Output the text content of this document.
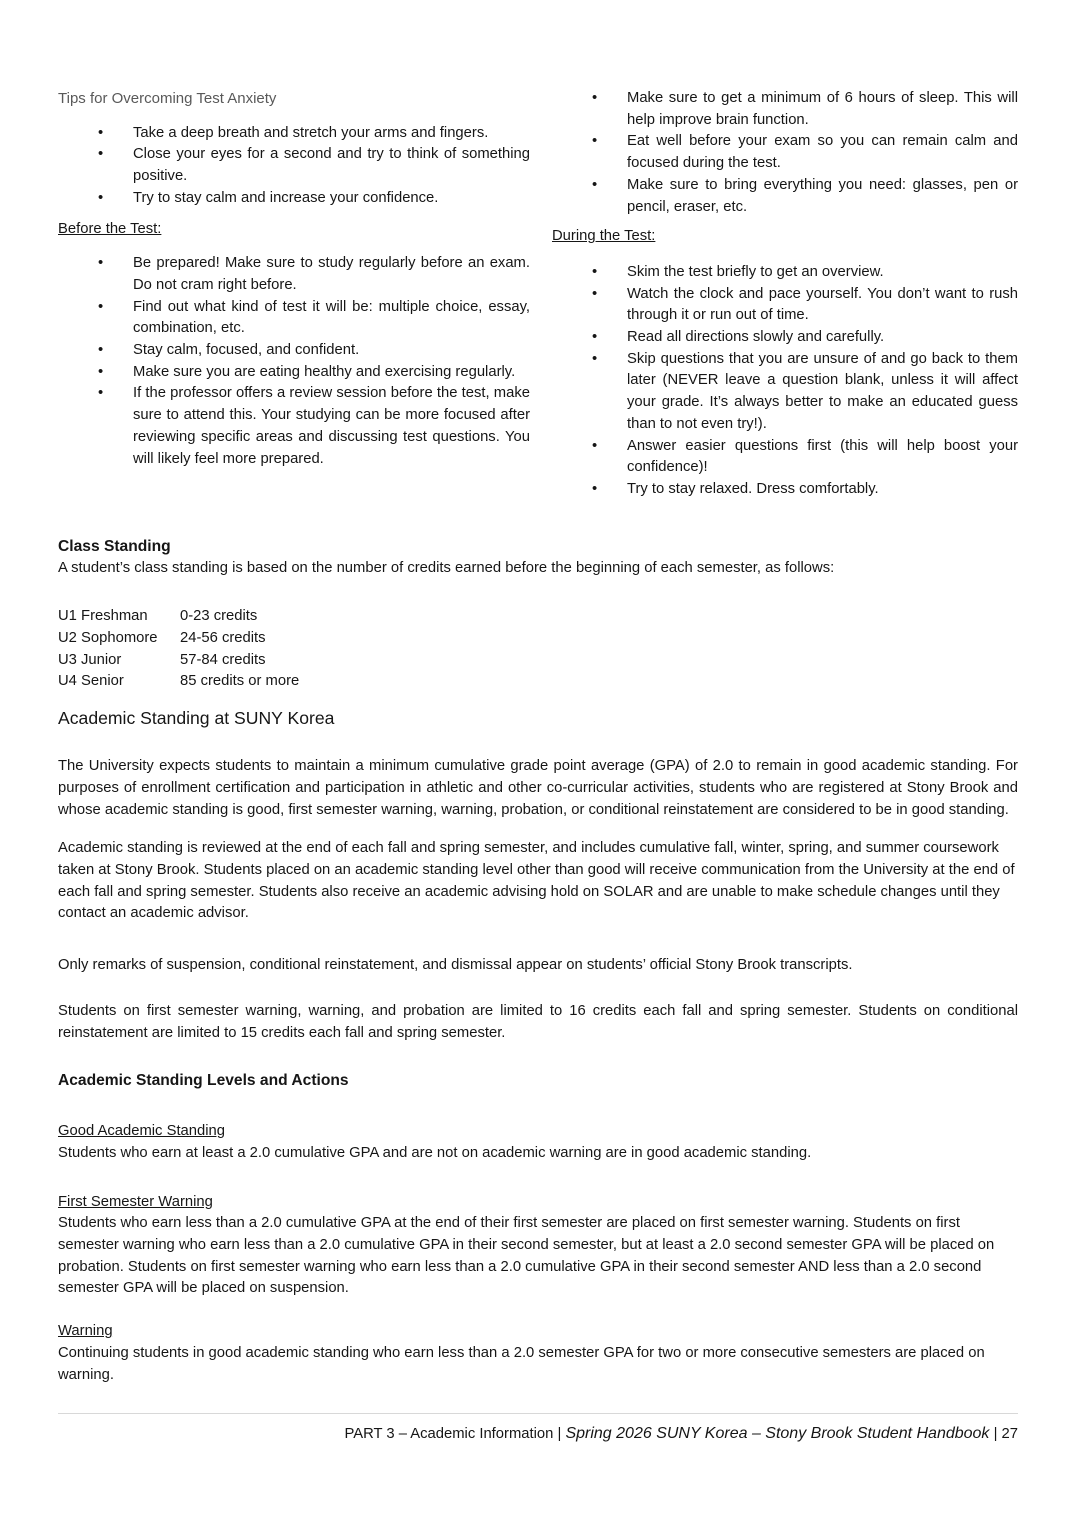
Tips for Overcoming Test Anxiety
• Take a deep breath and stretch your arms and fingers.
• Close your eyes for a second and try to think of something positive.
• Try to stay calm and increase your confidence.
Before the Test:
• Be prepared! Make sure to study regularly before an exam. Do not cram right before.
• Find out what kind of test it will be: multiple choice, essay, combination, etc.
• Stay calm, focused, and confident.
• Make sure you are eating healthy and exercising regularly.
• If the professor offers a review session before the test, make sure to attend this. Your studying can be more focused after reviewing specific areas and discussing test questions. You will likely feel more prepared.
• Make sure to get a minimum of 6 hours of sleep. This will help improve brain function.
• Eat well before your exam so you can remain calm and focused during the test.
• Make sure to bring everything you need: glasses, pen or pencil, eraser, etc.
During the Test:
• Skim the test briefly to get an overview.
• Watch the clock and pace yourself. You don’t want to rush through it or run out of time.
• Read all directions slowly and carefully.
• Skip questions that you are unsure of and go back to them later (NEVER leave a question blank, unless it will affect your grade. It’s always better to make an educated guess than to not even try!).
• Answer easier questions first (this will help boost your confidence)!
• Try to stay relaxed. Dress comfortably.
Class Standing

A student’s class standing is based on the number of credits earned before the beginning of each semester, as follows:

U1 Freshman	0-23 credits
U2 Sophomore	24-56 credits
U3 Junior	57-84 credits
U4 Senior	85 credits or more
Academic Standing at SUNY Korea

The University expects students to maintain a minimum cumulative grade point average (GPA) of 2.0 to remain in good academic standing. For purposes of enrollment certification and participation in athletic and other co-curricular activities, students who are registered at Stony Brook and whose academic standing is good, first semester warning, warning, probation, or conditional reinstatement are considered to be in good standing.

Academic standing is reviewed at the end of each fall and spring semester, and includes cumulative fall, winter, spring, and summer coursework taken at Stony Brook. Students placed on an academic standing level other than good will receive communication from the University at the end of each fall and spring semester. Students also receive an academic advising hold on SOLAR and are unable to make schedule changes until they contact an academic advisor.

Only remarks of suspension, conditional reinstatement, and dismissal appear on students’ official Stony Brook transcripts.

Students on first semester warning, warning, and probation are limited to 16 credits each fall and spring semester. Students on conditional reinstatement are limited to 15 credits each fall and spring semester.

Academic Standing Levels and Actions
Good Academic Standing

Students who earn at least a 2.0 cumulative GPA and are not on academic warning are in good academic standing.

First Semester Warning

Students who earn less than a 2.0 cumulative GPA at the end of their first semester are placed on first semester warning. Students on first semester warning who earn less than a 2.0 cumulative GPA in their second semester, but at least a 2.0 second semester GPA will be placed on probation. Students on first semester warning who earn less than a 2.0 cumulative GPA in their second semester AND less than a 2.0 second semester GPA will be placed on suspension.

Warning

Continuing students in good academic standing who earn less than a 2.0 semester GPA for two or more consecutive semesters are placed on warning.

PART 3 – Academic Information | Spring 2026 SUNY Korea – Stony Brook Student Handbook | 27
